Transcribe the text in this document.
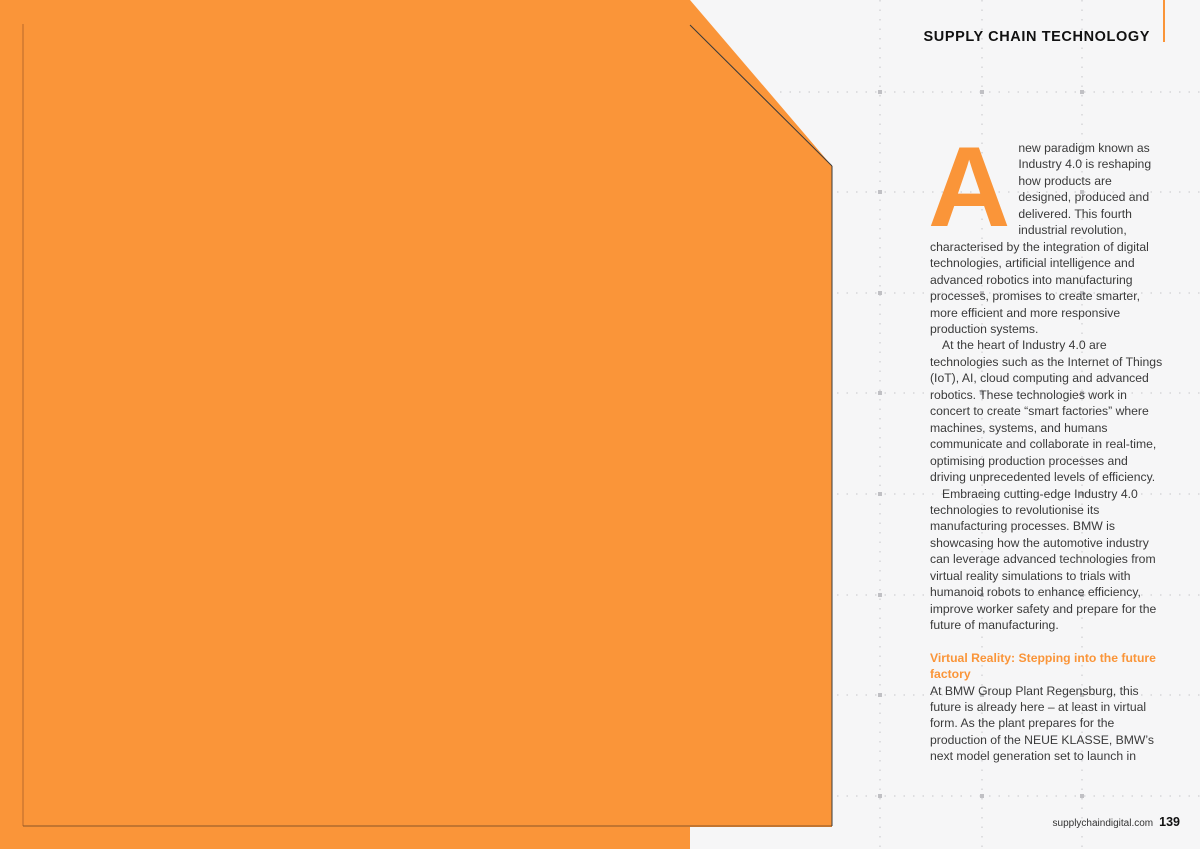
SUPPLY CHAIN TECHNOLOGY
A new paradigm known as Industry 4.0 is reshaping how products are designed, produced and delivered. This fourth industrial revolution, characterised by the integration of digital technologies, artificial intelligence and advanced robotics into manufacturing processes, promises to create smarter, more efficient and more responsive production systems.

At the heart of Industry 4.0 are technologies such as the Internet of Things (IoT), AI, cloud computing and advanced robotics. These technologies work in concert to create “smart factories” where machines, systems, and humans communicate and collaborate in real-time, optimising production processes and driving unprecedented levels of efficiency.

Embracing cutting-edge Industry 4.0 technologies to revolutionise its manufacturing processes. BMW is showcasing how the automotive industry can leverage advanced technologies from virtual reality simulations to trials with humanoid robots to enhance efficiency, improve worker safety and prepare for the future of manufacturing.

Virtual Reality: Stepping into the future factory

At BMW Group Plant Regensburg, this future is already here – at least in virtual form. As the plant prepares for the production of the NEUE KLASSE, BMW’s next model generation set to launch in

supplychaindigital.com 139
